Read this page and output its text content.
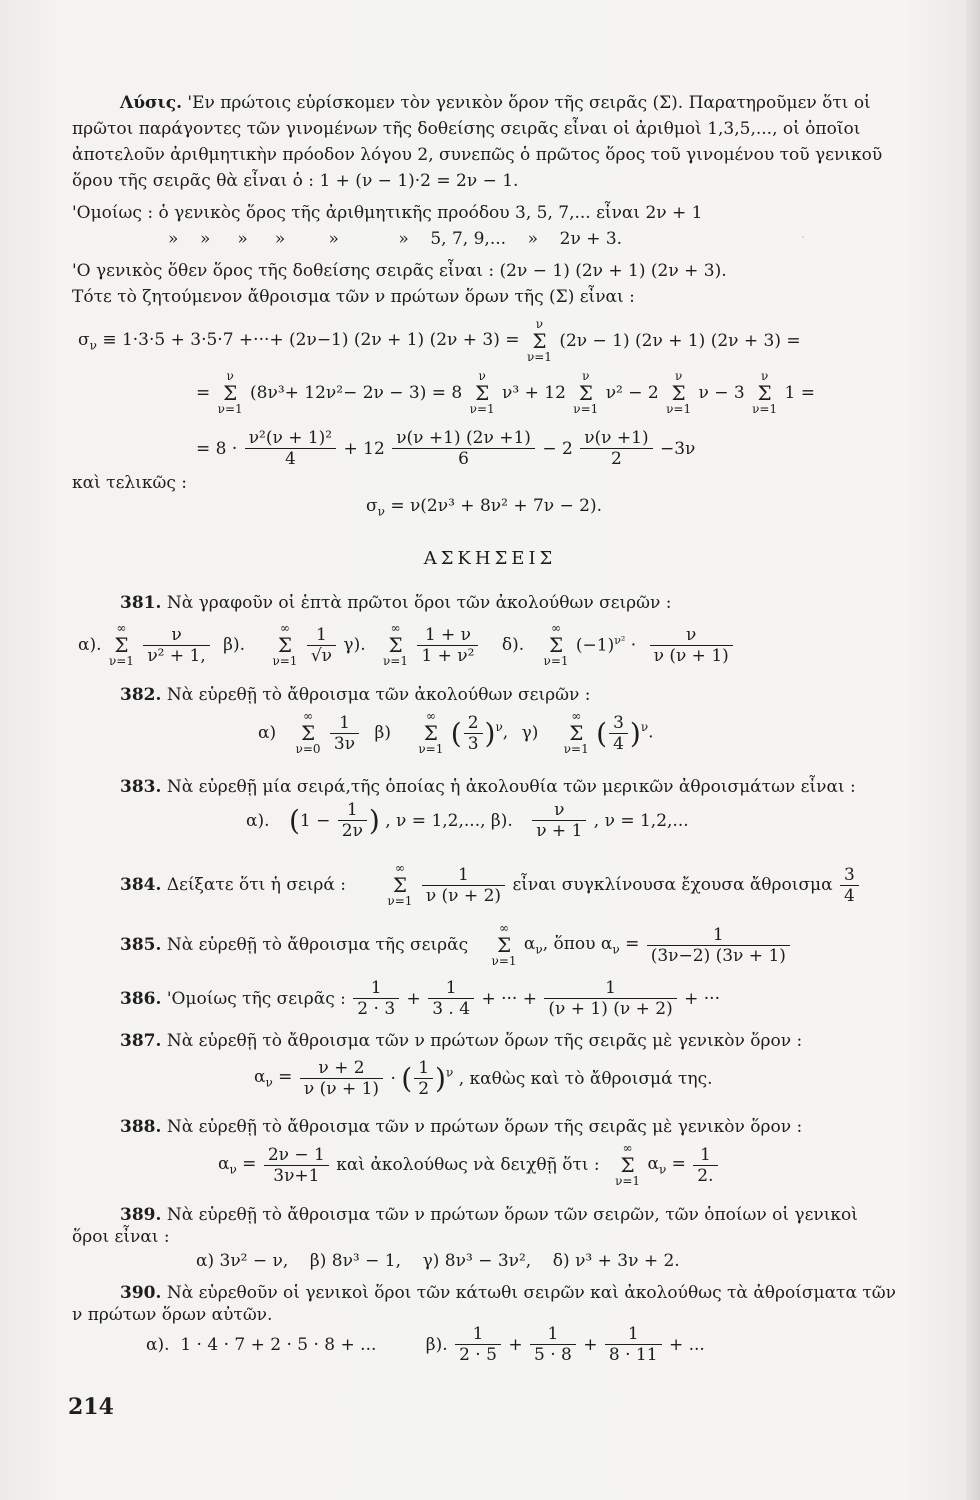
·
Λύσις. 'Εν πρώτοις εὑρίσκομεν τὸν γενικὸν ὅρον τῆς σειρᾶς (Σ). Παρατηροῦμεν ὅτι οἱ
πρῶτοι παράγοντες τῶν γινομένων τῆς δοθείσης σειρᾶς εἶναι οἱ ἀριθμοὶ 1,3,5,..., οἱ ὁποῖοι
ἀποτελοῦν ἀριθμητικὴν πρόοδον λόγου 2, συνεπῶς ὁ πρῶτος ὅρος τοῦ γινομένου τοῦ γενικοῦ
ὅρου τῆς σειρᾶς θὰ εἶναι ὁ : 1 + (ν − 1)·2 = 2ν − 1.
'Ομοίως : ὁ γενικὸς ὅρος τῆς ἀριθμητικῆς προόδου 3, 5, 7,... εἶναι 2ν + 1
»    »     »     »        »           »    5, 7, 9,...    »    2ν + 3.
'Ο γενικὸς ὅθεν ὅρος τῆς δοθείσης σειρᾶς εἶναι : (2ν − 1) (2ν + 1) (2ν + 3).
Τότε τὸ ζητούμενον ἄθροισμα τῶν ν πρώτων ὅρων τῆς (Σ) εἶναι :
$\sigma_\nu \equiv 1\cdot 3\cdot 5 + 3\cdot 5\cdot 7$ +···+ (2ν−1) (2ν + 1) (2ν + 3) =
ν
Σ
ν=1
(2ν − 1) (2ν + 1) (2ν + 3) =
=
ν
Σ
ν=1
(8ν³+ 12ν²− 2ν − 3) = 8
ν
Σ
ν=1
ν³ + 12
ν
Σ
ν=1
ν² − 2
ν
Σ
ν=1
ν − 3
ν
Σ
ν=1
1 =
= $8 \cdot \frac{\text{ν²(ν + 1)²}}{4} + 12 \frac{\nu(\nu +1) (2\nu +1)}{6} - 2 \frac{\nu(\nu +1)}{2} -3\nu$
καὶ τελικῶς :
$\sigma_\nu = \nu(2\nu^3 + 8\nu^2 + 7\nu - 2)$.
ΑΣΚΗΣΕΙΣ
381. Νὰ γραφοῦν οἱ ἑπτὰ πρῶτοι ὅροι τῶν ἀκολούθων σειρῶν :
α).
∞
Σ
ν=1
$\frac{\nu}{\text{ν² + 1,}} \beta$).
∞
Σ
ν=1
$\frac{1}{√\nu} \gamma$).
∞
Σ
ν=1
$\frac{1 + \nu}{\text{1 + ν²}} \delta$).
∞
Σ
ν=1
$(-1)^{\nu^2} \cdot \frac{\nu}{\nu (\nu + 1)}$
382. Νὰ εὑρεθῇ τὸ ἄθροισμα τῶν ἀκολούθων σειρῶν :
α)
∞
Σ
ν=0
$\frac{1}{3\nu} \beta$)
∞
Σ
ν=1 ( $\frac{2}{3} )^\nu$, γ)
∞
Σ
ν=1 ( $\frac{3}{4} )^\nu$.
383. Νὰ εὑρεθῇ μία σειρά,τῆς ὁποίας ἡ ἀκολουθία τῶν μερικῶν ἀθροισμάτων εἶναι :
α). ($1 - \frac{1}{2\nu}$ ) , ν = 1,2,..., β). $\frac{\nu}{\nu + 1}$ , ν = 1,2,...
384. Δείξατε ὅτι ἡ σειρά :
∞
Σ
ν=1
$\frac{1}{\nu (\nu + 2)}$ εἶναι συγκλίνουσα ἔχουσα ἄθροισμα $\frac{3}{4}$
385. Νὰ εὑρεθῇ τὸ ἄθροισμα τῆς σειρᾶς
∞
Σ
ν=1
$\alpha_\nu$, ὅπου $\alpha_\nu = \frac{1}{(3\nu-2) (3\nu + 1)}$
386. 'Ομοίως τῆς σειρᾶς : $\frac{1}{2 \cdot 3} + \frac{1}{3 . 4}$ + ··· + $\frac{1}{(\nu + 1) (\nu + 2)}$ + ···
387. Νὰ εὑρεθῇ τὸ ἄθροισμα τῶν ν πρώτων ὅρων τῆς σειρᾶς μὲ γενικὸν ὅρον :
$\alpha_\nu = \frac{\nu + 2}{\nu (\nu + 1)}$ · ( $\frac{1}{2} )^\nu$ , καθὼς καὶ τὸ ἄθροισμά της.
388. Νὰ εὑρεθῇ τὸ ἄθροισμα τῶν ν πρώτων ὅρων τῆς σειρᾶς μὲ γενικὸν ὅρον :
$\alpha_\nu = \frac{2\nu - 1}{3\nu+1}$ καὶ ἀκολούθως νὰ δειχθῇ ὅτι :
∞
Σ
ν=1
$\alpha_\nu = \frac{1}{2.}$
389. Νὰ εὑρεθῇ τὸ ἄθροισμα τῶν ν πρώτων ὅρων τῶν σειρῶν, τῶν ὁποίων οἱ γενικοὶ
ὅροι εἶναι :
α) 3ν² − ν,    β) 8ν³ − 1,    γ) 8ν³ − 3ν²,    δ) ν³ + 3ν + 2.
390. Νὰ εὑρεθοῦν οἱ γενικοὶ ὅροι τῶν κάτωθι σειρῶν καὶ ἀκολούθως τὰ ἀθροίσματα τῶν
ν πρώτων ὅρων αὐτῶν.
α).  1 · 4 · 7 + 2 · 5 · 8 + ...	β). $\frac{1}{2 \cdot 5} + \frac{1}{5 \cdot 8} + \frac{1}{8 \cdot 11}$ + ...
214
